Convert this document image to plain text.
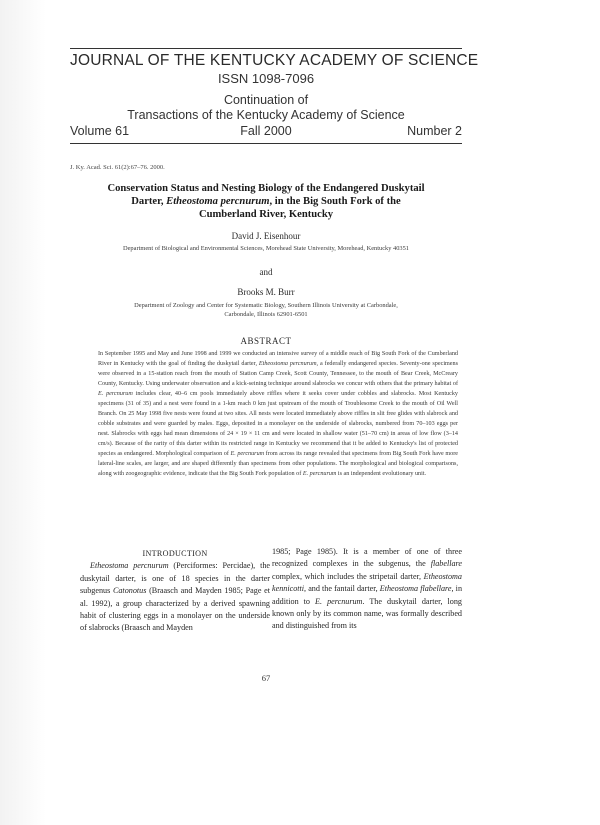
JOURNAL OF THE KENTUCKY ACADEMY OF SCIENCE
ISSN 1098-7096
Continuation of
Transactions of the Kentucky Academy of Science
Volume 61	Fall 2000	Number 2
J. Ky. Acad. Sci. 61(2):67–76. 2000.
Conservation Status and Nesting Biology of the Endangered Duskytail
Darter, Etheostoma percnurum, in the Big South Fork of the
Cumberland River, Kentucky
David J. Eisenhour
Department of Biological and Environmental Sciences, Morehead State University, Morehead, Kentucky 40351
and
Brooks M. Burr
Department of Zoology and Center for Systematic Biology, Southern Illinois University at Carbondale,
Carbondale, Illinois 62901-6501
ABSTRACT
In September 1995 and May and June 1998 and 1999 we conducted an intensive survey of a middle reach of Big South Fork of the Cumberland River in Kentucky with the goal of finding the duskytail darter, Etheostoma percnurum, a federally endangered species. Seventy-one specimens were observed in a 15-station reach from the mouth of Station Camp Creek, Scott County, Tennessee, to the mouth of Bear Creek, McCreary County, Kentucky. Using underwater observation and a kick-seining technique around slabrocks we concur with others that the primary habitat of E. percnurum includes clear, 40–6 cm pools immediately above riffles where it seeks cover under cobbles and slabrocks. Most Kentucky specimens (31 of 35) and a nest were found in a 1-km reach 0 km just upstream of the mouth of Troublesome Creek to the mouth of Oil Well Branch. On 25 May 1998 five nests were found at two sites. All nests were located immediately above riffles in slit free glides with slabrock and cobble substrates and were guarded by males. Eggs, deposited in a monolayer on the underside of slabrocks, numbered from 70–103 eggs per nest. Slabrocks with eggs had mean dimensions of 24 × 19 × 11 cm and were located in shallow water (51–70 cm) in areas of low flow (3–14 cm/s). Because of the rarity of this darter within its restricted range in Kentucky we recommend that it be added to Kentucky's list of protected species as endangered. Morphological comparison of E. percnurum from across its range revealed that specimens from Big South Fork have more lateral-line scales, are larger, and are shaped differently than specimens from other populations. The morphological and biological comparisons, along with zoogeographic evidence, indicate that the Big South Fork population of E. percnurum is an independent evolutionary unit.
INTRODUCTION
Etheostoma percnurum (Perciformes: Percidae), the duskytail darter, is one of 18 species in the darter subgenus Catonotus (Braasch and Mayden 1985; Page et al. 1992), a group characterized by a derived spawning habit of clustering eggs in a monolayer on the underside of slabrocks (Braasch and Mayden
1985; Page 1985). It is a member of one of three recognized complexes in the subgenus, the flabellare complex, which includes the stripetail darter, Etheostoma kennicotti, and the fantail darter, Etheostoma flabellare, in addition to E. percnurum. The duskytail darter, long known only by its common name, was formally described and distinguished from its
67
